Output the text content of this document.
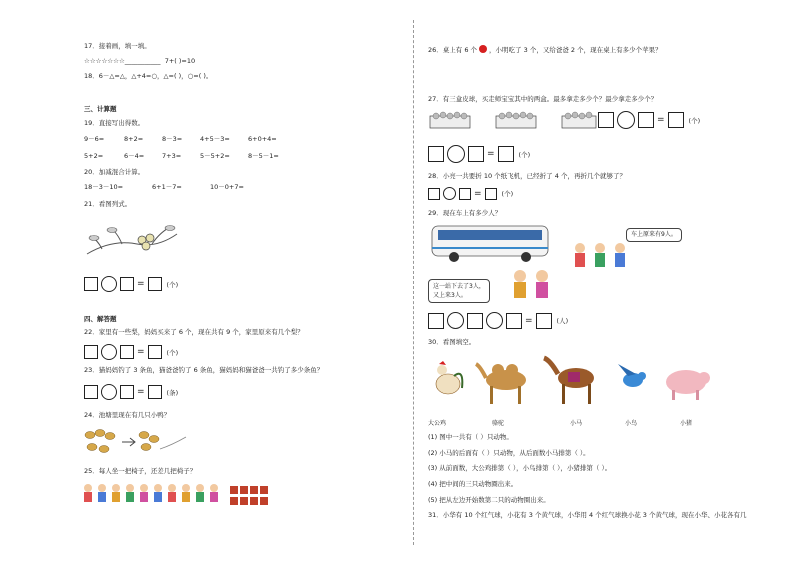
17．接着画，填一填。
☆☆☆☆☆☆☆___________ 7+( )=10
18．6－△=△，△+4=○，△=( )，○=( )。
三、计算题
19．直接写出得数。
9－6=	8+2=	8－3=	4+5－3=	6+0+4=
5+2=	6－4=	7+3=	5－5+2=	8－5－1=
20．加减混合计算。
18－3－10=	6+1－7=	10－0+7=
21．看图列式。
=	(个)
四、解答题
22．家里有一些梨，妈妈买来了 6 个，现在共有 9 个，家里原来有几个梨？
=	(个)
23．猫妈妈钓了 3 条鱼，猫爸爸钓了 6 条鱼，猫妈妈和猫爸爸一共钓了多少条鱼？
=	(条)
24．池塘里现在有几只小鸭？
25．每人坐一把椅子，还差几把椅子？
26．桌上有 6 个 ，小明吃了 3 个，又给爸爸 2 个，现在桌上有多少个苹果？
27．有三盒皮球，买走师宝宝其中的两盒。最多拿走多少个？最少拿走多少个？
=	(个)
=	(个)
28．小亮一共要折 10 个纸飞机，已经折了 4 个，再折几个就够了？
=	(个)
29．现在车上有多少人？
车上原来有9人。
这一站下去了3人，
又上来3人。
=	(人)
30．看图填空。
大公鸡	骆驼	小马	小鸟	小猪
(1) 图中一共有（ ）只动物。
(2) 小马的后面有（ ）只动物，从后面数小马排第（ ）。
(3) 从前面数，大公鸡排第（ ），小鸟排第（ ），小猪排第（ ）。
(4) 把中间的三只动物圈出来。
(5) 把从左边开始数第二只的动物圈出来。
31．小华有 10 个红气球，小花有 3 个黄气球，小华用 4 个红气球换小花 3 个黄气球，现在小华、小花各有几
